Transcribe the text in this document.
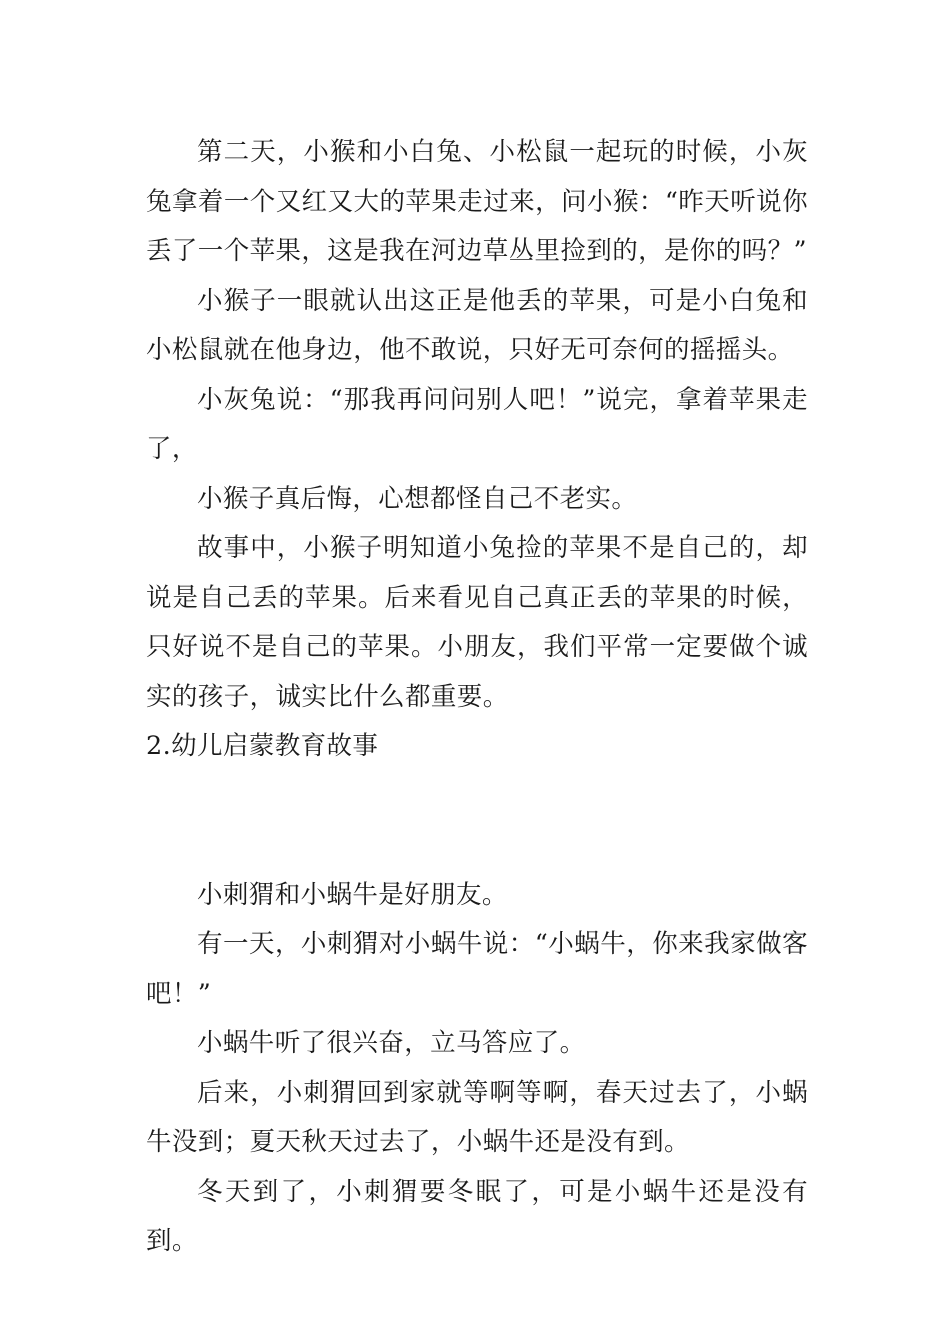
第二天，小猴和小白兔、小松鼠一起玩的时候，小灰兔拿着一个又红又大的苹果走过来，问小猴：“昨天听说你丢了一个苹果，这是我在河边草丛里捡到的，是你的吗？”

小猴子一眼就认出这正是他丢的苹果，可是小白兔和小松鼠就在他身边，他不敢说，只好无可奈何的摇摇头。

小灰兔说：“那我再问问别人吧！”说完，拿着苹果走了，

小猴子真后悔，心想都怪自己不老实。

故事中，小猴子明知道小兔捡的苹果不是自己的，却说是自己丢的苹果。后来看见自己真正丢的苹果的时候，只好说不是自己的苹果。小朋友，我们平常一定要做个诚实的孩子，诚实比什么都重要。

2.幼儿启蒙教育故事

小刺猬和小蜗牛是好朋友。

有一天，小刺猬对小蜗牛说：“小蜗牛，你来我家做客吧！”

小蜗牛听了很兴奋，立马答应了。

后来，小刺猬回到家就等啊等啊，春天过去了，小蜗牛没到；夏天秋天过去了，小蜗牛还是没有到。

冬天到了，小刺猬要冬眠了，可是小蜗牛还是没有到。
